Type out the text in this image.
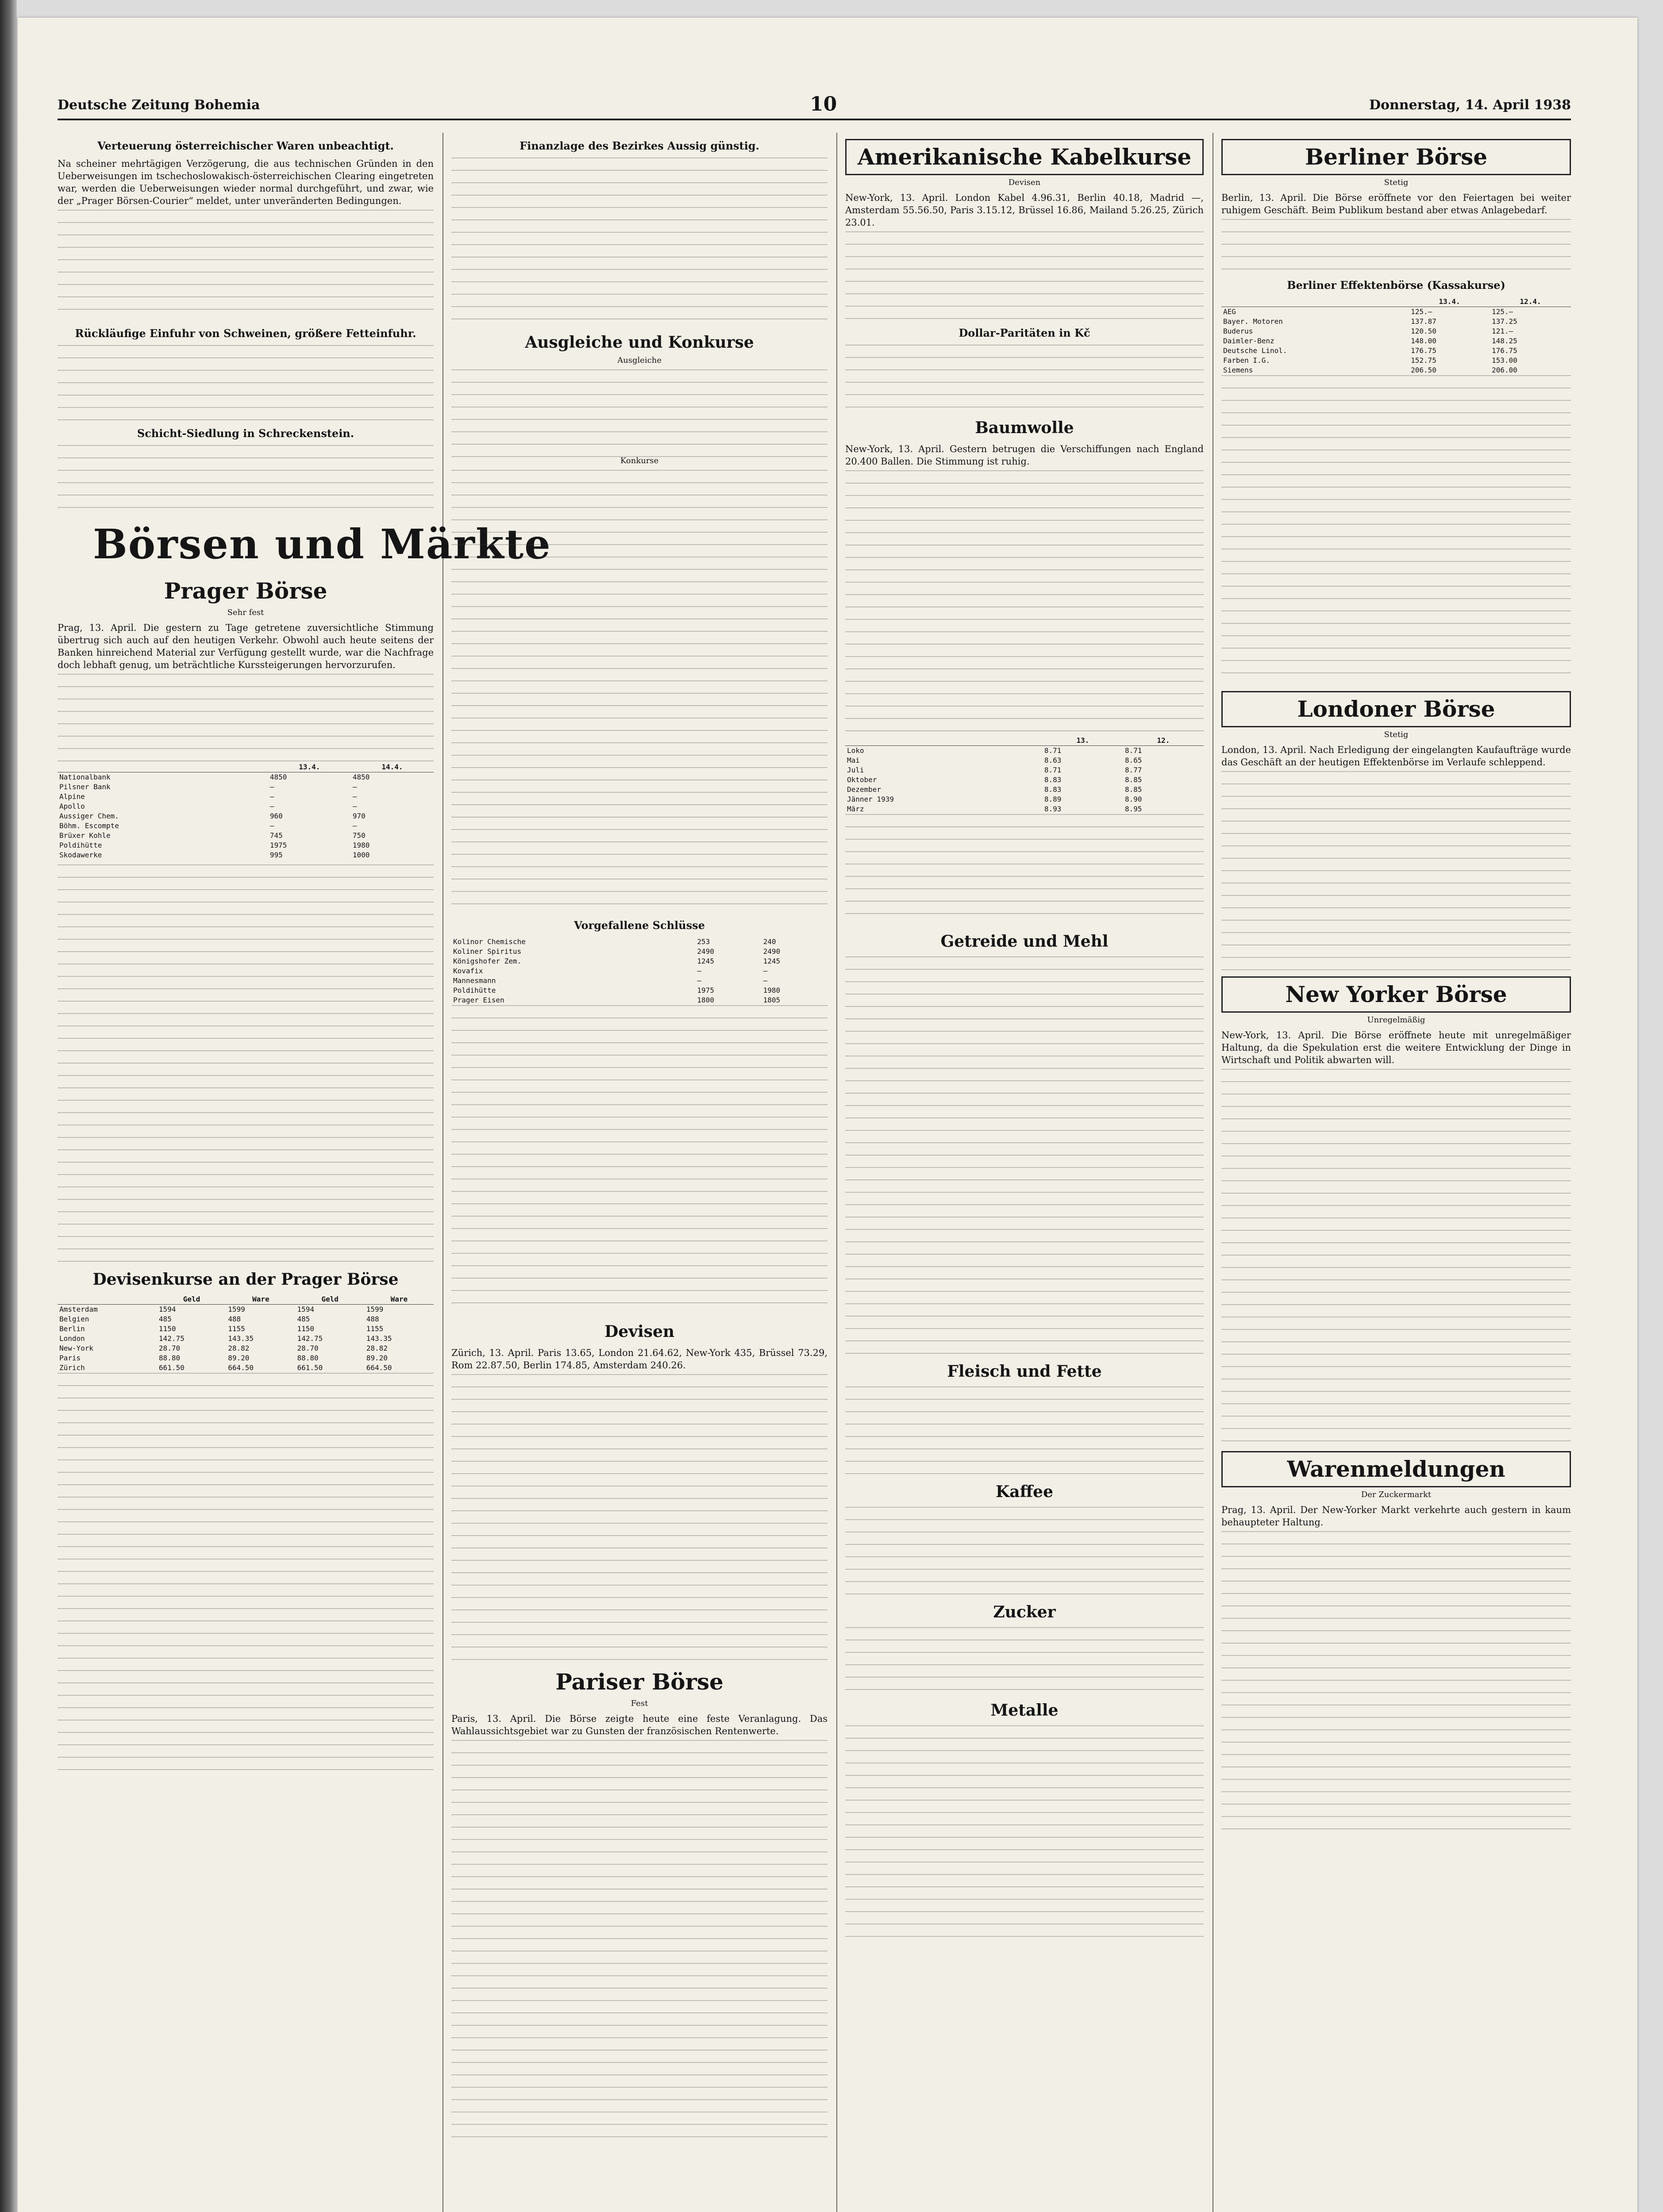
Deutsche Zeitung Bohemia	10	Donnerstag, 14. April 1938
Verteuerung österreichischer Waren unbeachtigt.

Na scheiner mehrtägigen Verzögerung, die aus technischen Gründen in den Ueberweisungen im tschechoslowakisch-österreichischen Clearing eingetreten war, werden die Ueberweisungen wieder normal durchgeführt, und zwar, wie der „Prager Börsen-Courier“ meldet, unter unveränderten Bedingungen.

Rückläufige Einfuhr von Schweinen, größere Fetteinfuhr.
Schicht-Siedlung in Schreckenstein.
Börsen und Märkte
Prager Börse
Sehr fest

Prag, 13. April. Die gestern zu Tage getretene zuversichtliche Stimmung übertrug sich auch auf den heutigen Verkehr. Obwohl auch heute seitens der Banken hinreichend Material zur Verfügung gestellt wurde, war die Nachfrage doch lebhaft genug, um beträchtliche Kurssteigerungen hervorzurufen.

	13.4.	14.4.
Nationalbank	4850	4850
Pilsner Bank	—	—
Alpine	—	—
Apollo	—	—
Aussiger Chem.	960	970
Böhm. Escompte	—	—
Brüxer Kohle	745	750
Poldihütte	1975	1980
Skodawerke	995	1000
Devisenkurse an der Prager Börse
	Geld	Ware	Geld	Ware
Amsterdam	1594	1599	1594	1599
Belgien	485	488	485	488
Berlin	1150	1155	1150	1155
London	142.75	143.35	142.75	143.35
New-York	28.70	28.82	28.70	28.82
Paris	88.80	89.20	88.80	89.20
Zürich	661.50	664.50	661.50	664.50
Finanzlage des Bezirkes Aussig günstig.
Ausgleiche und Konkurse
Ausgleiche
Konkurse
Vorgefallene Schlüsse
Kolinor Chemische	253	240
Koliner Spiritus	2490	2490
Königshofer Zem.	1245	1245
Kovafix	—	—
Mannesmann	—	—
Poldihütte	1975	1980
Prager Eisen	1800	1805
Devisen

Zürich, 13. April. Paris 13.65, London 21.64.62, New-York 435, Brüssel 73.29, Rom 22.87.50, Berlin 174.85, Amsterdam 240.26.

Pariser Börse
Fest

Paris, 13. April. Die Börse zeigte heute eine feste Veranlagung. Das Wahlaussichtsgebiet war zu Gunsten der französischen Rentenwerte.

Amerikanische Kabelkurse
Devisen

New-York, 13. April. London Kabel 4.96.31, Berlin 40.18, Madrid —, Amsterdam 55.56.50, Paris 3.15.12, Brüssel 16.86, Mailand 5.26.25, Zürich 23.01.

Dollar-Paritäten in Kč
Baumwolle

New-York, 13. April. Gestern betrugen die Verschiffungen nach England 20.400 Ballen. Die Stimmung ist ruhig.

	13.	12.
Loko	8.71	8.71
Mai	8.63	8.65
Juli	8.71	8.77
Oktober	8.83	8.85
Dezember	8.83	8.85
Jänner 1939	8.89	8.90
März	8.93	8.95
Getreide und Mehl
Fleisch und Fette
Kaffee
Zucker
Metalle
Berliner Börse
Stetig

Berlin, 13. April. Die Börse eröffnete vor den Feiertagen bei weiter ruhigem Geschäft. Beim Publikum bestand aber etwas Anlagebedarf.

Berliner Effektenbörse (Kassakurse)
	13.4.	12.4.
AEG	125.—	125.—
Bayer. Motoren	137.87	137.25
Buderus	120.50	121.—
Daimler-Benz	148.00	148.25
Deutsche Linol.	176.75	176.75
Farben I.G.	152.75	153.00
Siemens	206.50	206.00
Londoner Börse
Stetig

London, 13. April. Nach Erledigung der eingelangten Kaufaufträge wurde das Geschäft an der heutigen Effektenbörse im Verlaufe schleppend.

New Yorker Börse
Unregelmäßig

New-York, 13. April. Die Börse eröffnete heute mit unregelmäßiger Haltung, da die Spekulation erst die weitere Entwicklung der Dinge in Wirtschaft und Politik abwarten will.

Warenmeldungen
Der Zuckermarkt

Prag, 13. April. Der New-Yorker Markt verkehrte auch gestern in kaum behaupteter Haltung.
